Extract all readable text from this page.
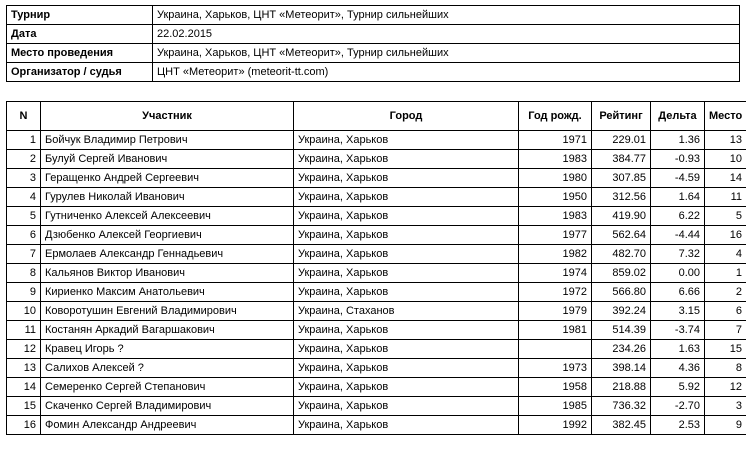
Турнир	Украина, Харьков, ЦНТ «Метеорит», Турнир сильнейших
Дата	22.02.2015
Место проведения	Украина, Харьков, ЦНТ «Метеорит», Турнир сильнейших
Организатор / судья	ЦНТ «Метеорит» (meteorit-tt.com)
N	Участник	Город	Год рожд.	Рейтинг	Дельта	Место
1	Бойчук Владимир Петрович	Украина, Харьков	1971	229.01	1.36	13
2	Булуй Сергей Иванович	Украина, Харьков	1983	384.77	-0.93	10
3	Геращенко Андрей Сергеевич	Украина, Харьков	1980	307.85	-4.59	14
4	Гурулев Николай Иванович	Украина, Харьков	1950	312.56	1.64	11
5	Гутниченко Алексей Алексеевич	Украина, Харьков	1983	419.90	6.22	5
6	Дзюбенко Алексей Георгиевич	Украина, Харьков	1977	562.64	-4.44	16
7	Ермолаев Александр Геннадьевич	Украина, Харьков	1982	482.70	7.32	4
8	Кальянов Виктор Иванович	Украина, Харьков	1974	859.02	0.00	1
9	Кириенко Максим Анатольевич	Украина, Харьков	1972	566.80	6.66	2
10	Коворотушин Евгений Владимирович	Украина, Стаханов	1979	392.24	3.15	6
11	Костанян Аркадий Вагаршакович	Украина, Харьков	1981	514.39	-3.74	7
12	Кравец Игорь ?	Украина, Харьков		234.26	1.63	15
13	Салихов Алексей ?	Украина, Харьков	1973	398.14	4.36	8
14	Семеренко Сергей Степанович	Украина, Харьков	1958	218.88	5.92	12
15	Скаченко Сергей Владимирович	Украина, Харьков	1985	736.32	-2.70	3
16	Фомин Александр Андреевич	Украина, Харьков	1992	382.45	2.53	9
